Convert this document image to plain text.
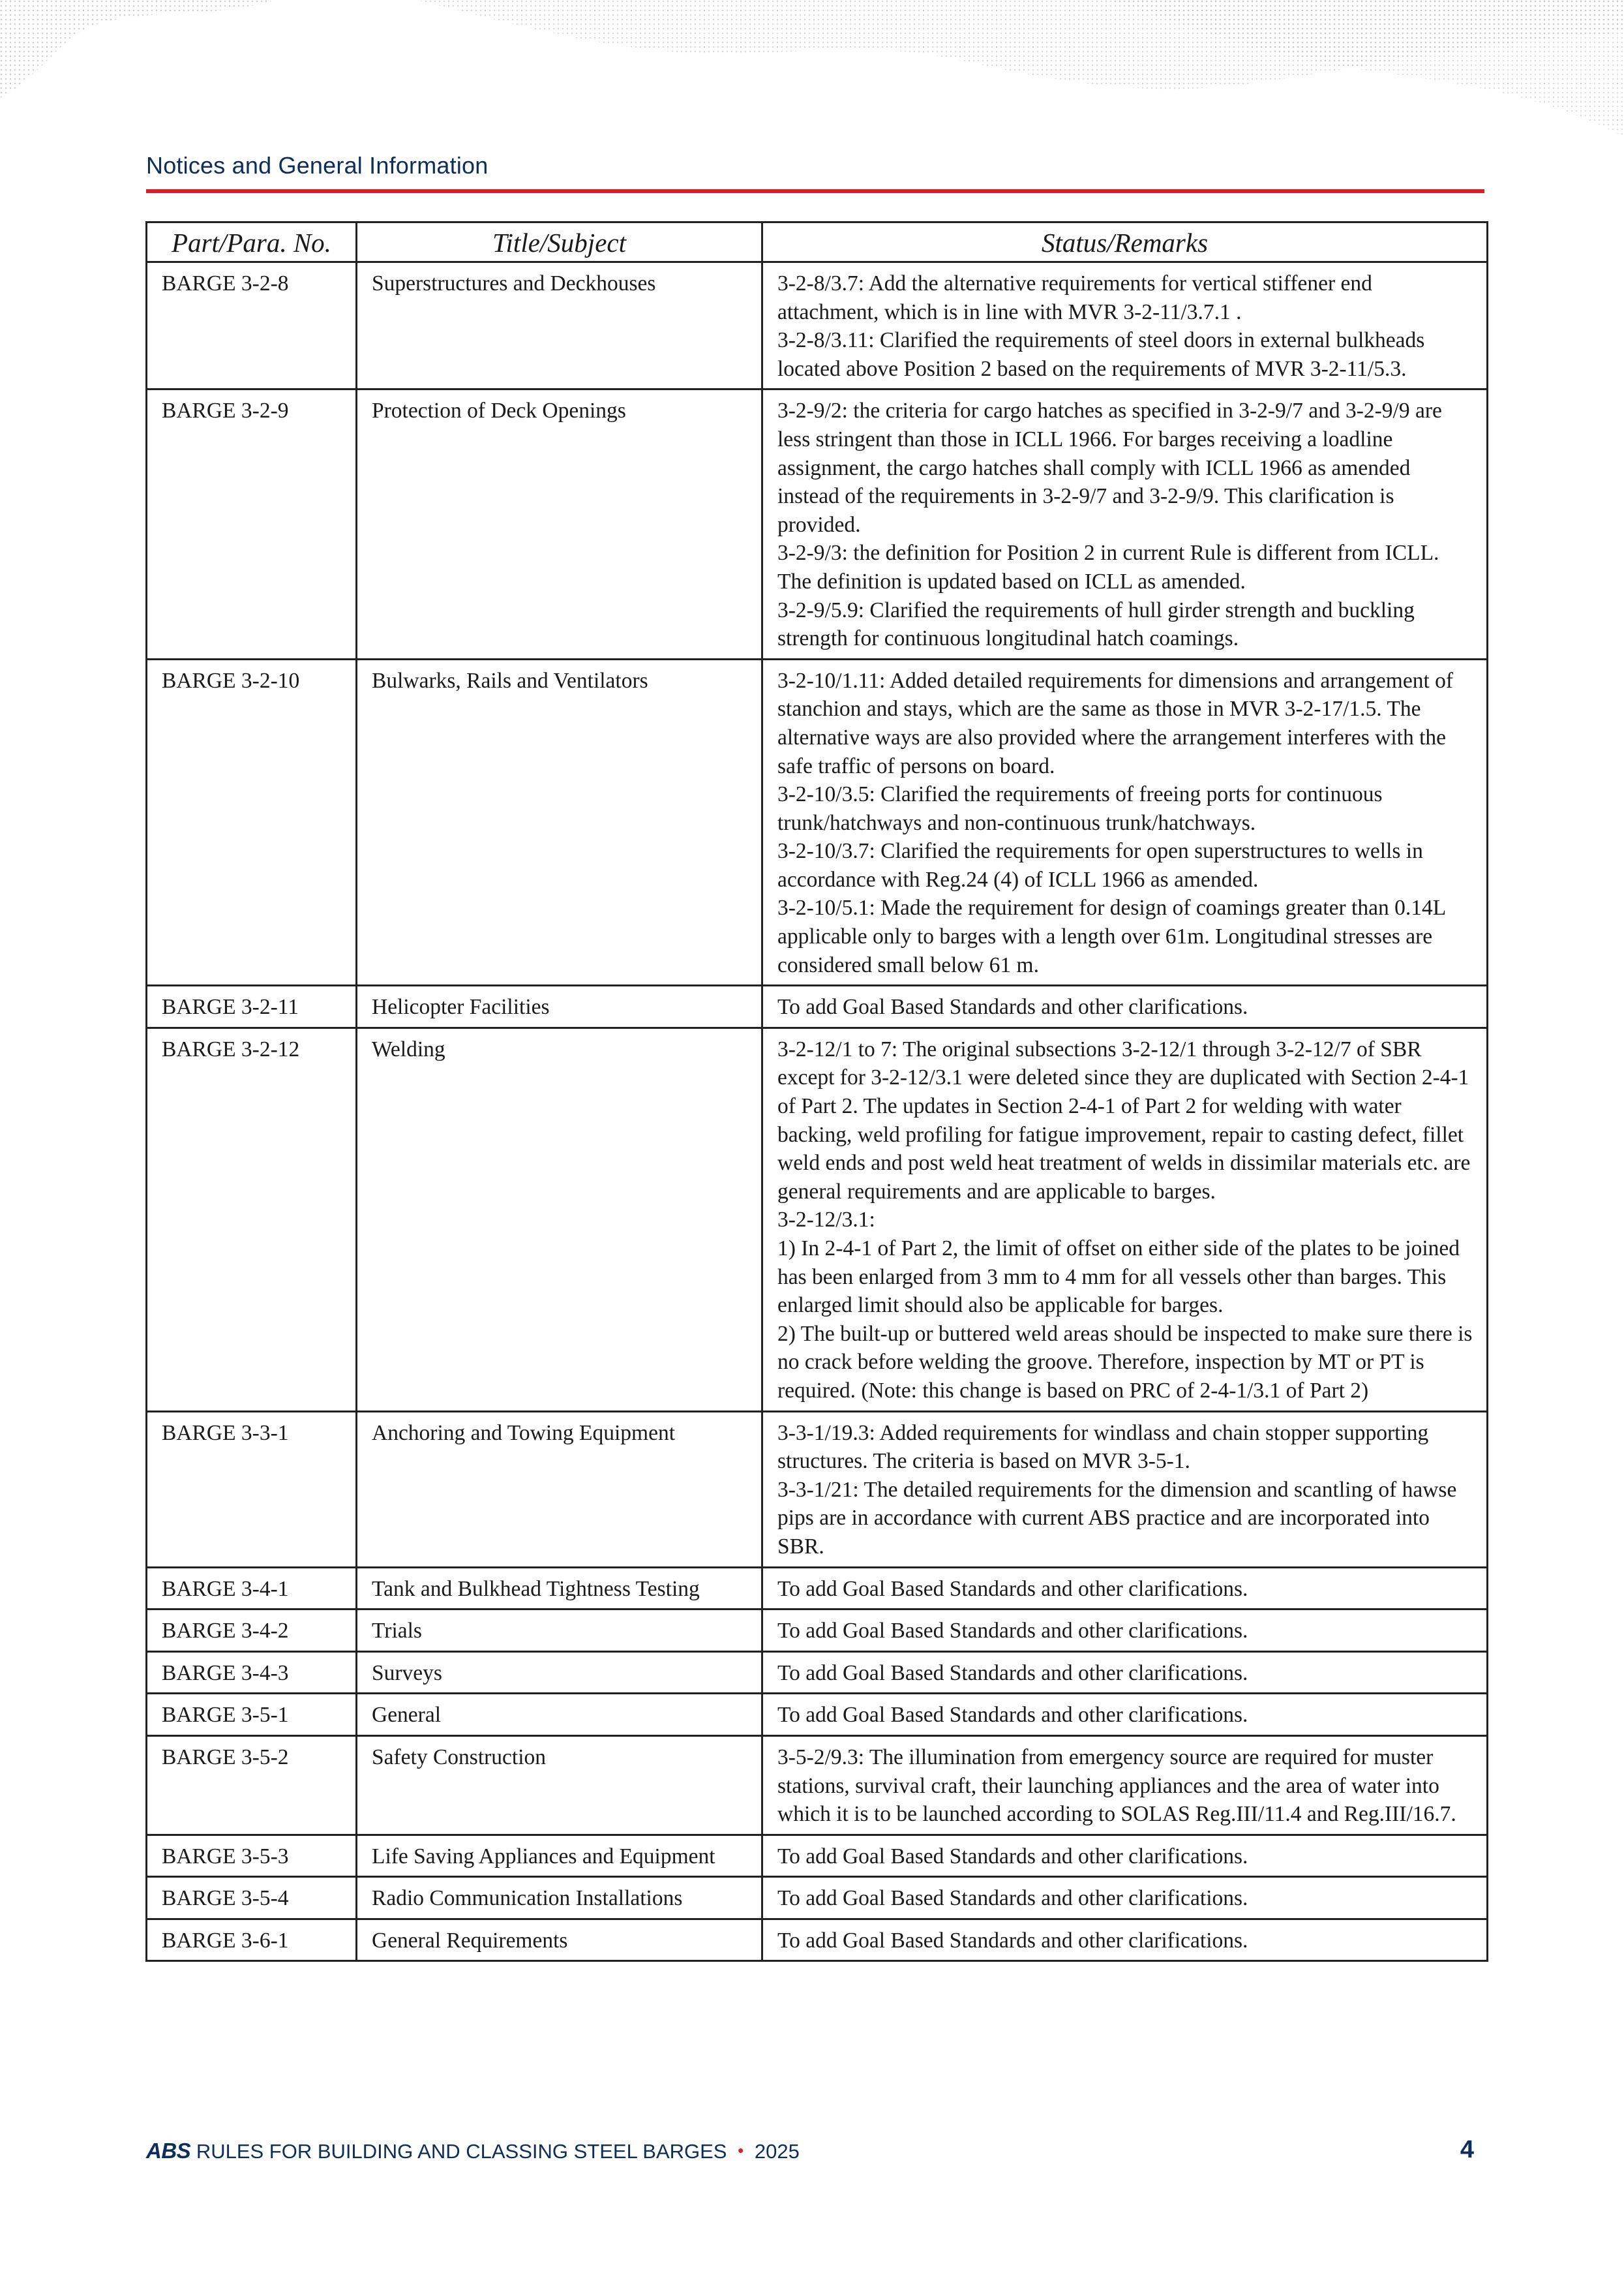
Notices and General Information
Part/Para. No.	Title/Subject	Status/Remarks
BARGE 3-2-8	Superstructures and Deckhouses	3-2-8/3.7: Add the alternative requirements for vertical stiffener end attachment, which is in line with MVR 3-2-11/3.7.1 .
3-2-8/3.11: Clarified the requirements of steel doors in external bulkheads located above Position 2 based on the requirements of MVR 3-2-11/5.3.

BARGE 3-2-9	Protection of Deck Openings	3-2-9/2: the criteria for cargo hatches as specified in 3-2-9/7 and 3-2-9/9 are less stringent than those in ICLL 1966. For barges receiving a loadline assignment, the cargo hatches shall comply with ICLL 1966 as amended instead of the requirements in 3-2-9/7 and 3-2-9/9. This clarification is provided.
3-2-9/3: the definition for Position 2 in current Rule is different from ICLL. The definition is updated based on ICLL as amended.
3-2-9/5.9: Clarified the requirements of hull girder strength and buckling strength for continuous longitudinal hatch coamings.

BARGE 3-2-10	Bulwarks, Rails and Ventilators	3-2-10/1.11: Added detailed requirements for dimensions and arrangement of stanchion and stays, which are the same as those in MVR 3-2-17/1.5. The alternative ways are also provided where the arrangement interferes with the safe traffic of persons on board.
3-2-10/3.5: Clarified the requirements of freeing ports for continuous trunk/hatchways and non-continuous trunk/hatchways.
3-2-10/3.7: Clarified the requirements for open superstructures to wells in accordance with Reg.24 (4) of ICLL 1966 as amended.
3-2-10/5.1: Made the requirement for design of coamings greater than 0.14L applicable only to barges with a length over 61m. Longitudinal stresses are considered small below 61 m.

BARGE 3-2-11	Helicopter Facilities	To add Goal Based Standards and other clarifications.

BARGE 3-2-12	Welding	3-2-12/1 to 7: The original subsections 3-2-12/1 through 3-2-12/7 of SBR except for 3-2-12/3.1 were deleted since they are duplicated with Section 2-4-1 of Part 2. The updates in Section 2-4-1 of Part 2 for welding with water backing, weld profiling for fatigue improvement, repair to casting defect, fillet weld ends and post weld heat treatment of welds in dissimilar materials etc. are general requirements and are applicable to barges.
3-2-12/3.1:
1) In 2-4-1 of Part 2, the limit of offset on either side of the plates to be joined has been enlarged from 3 mm to 4 mm for all vessels other than barges. This enlarged limit should also be applicable for barges.
2) The built-up or buttered weld areas should be inspected to make sure there is no crack before welding the groove. Therefore, inspection by MT or PT is required. (Note: this change is based on PRC of 2-4-1/3.1 of Part 2)

BARGE 3-3-1	Anchoring and Towing Equipment	3-3-1/19.3: Added requirements for windlass and chain stopper supporting structures. The criteria is based on MVR 3-5-1.
3-3-1/21: The detailed requirements for the dimension and scantling of hawse pips are in accordance with current ABS practice and are incorporated into SBR.

BARGE 3-4-1	Tank and Bulkhead Tightness Testing	To add Goal Based Standards and other clarifications.

BARGE 3-4-2	Trials	To add Goal Based Standards and other clarifications.

BARGE 3-4-3	Surveys	To add Goal Based Standards and other clarifications.

BARGE 3-5-1	General	To add Goal Based Standards and other clarifications.

BARGE 3-5-2	Safety Construction	3-5-2/9.3: The illumination from emergency source are required for muster stations, survival craft, their launching appliances and the area of water into which it is to be launched according to SOLAS Reg.III/11.4 and Reg.III/16.7.

BARGE 3-5-3	Life Saving Appliances and Equipment	To add Goal Based Standards and other clarifications.

BARGE 3-5-4	Radio Communication Installations	To add Goal Based Standards and other clarifications.

BARGE 3-6-1	General Requirements	To add Goal Based Standards and other clarifications.
ABS RULES FOR BUILDING AND CLASSING STEEL BARGES • 2025	4
